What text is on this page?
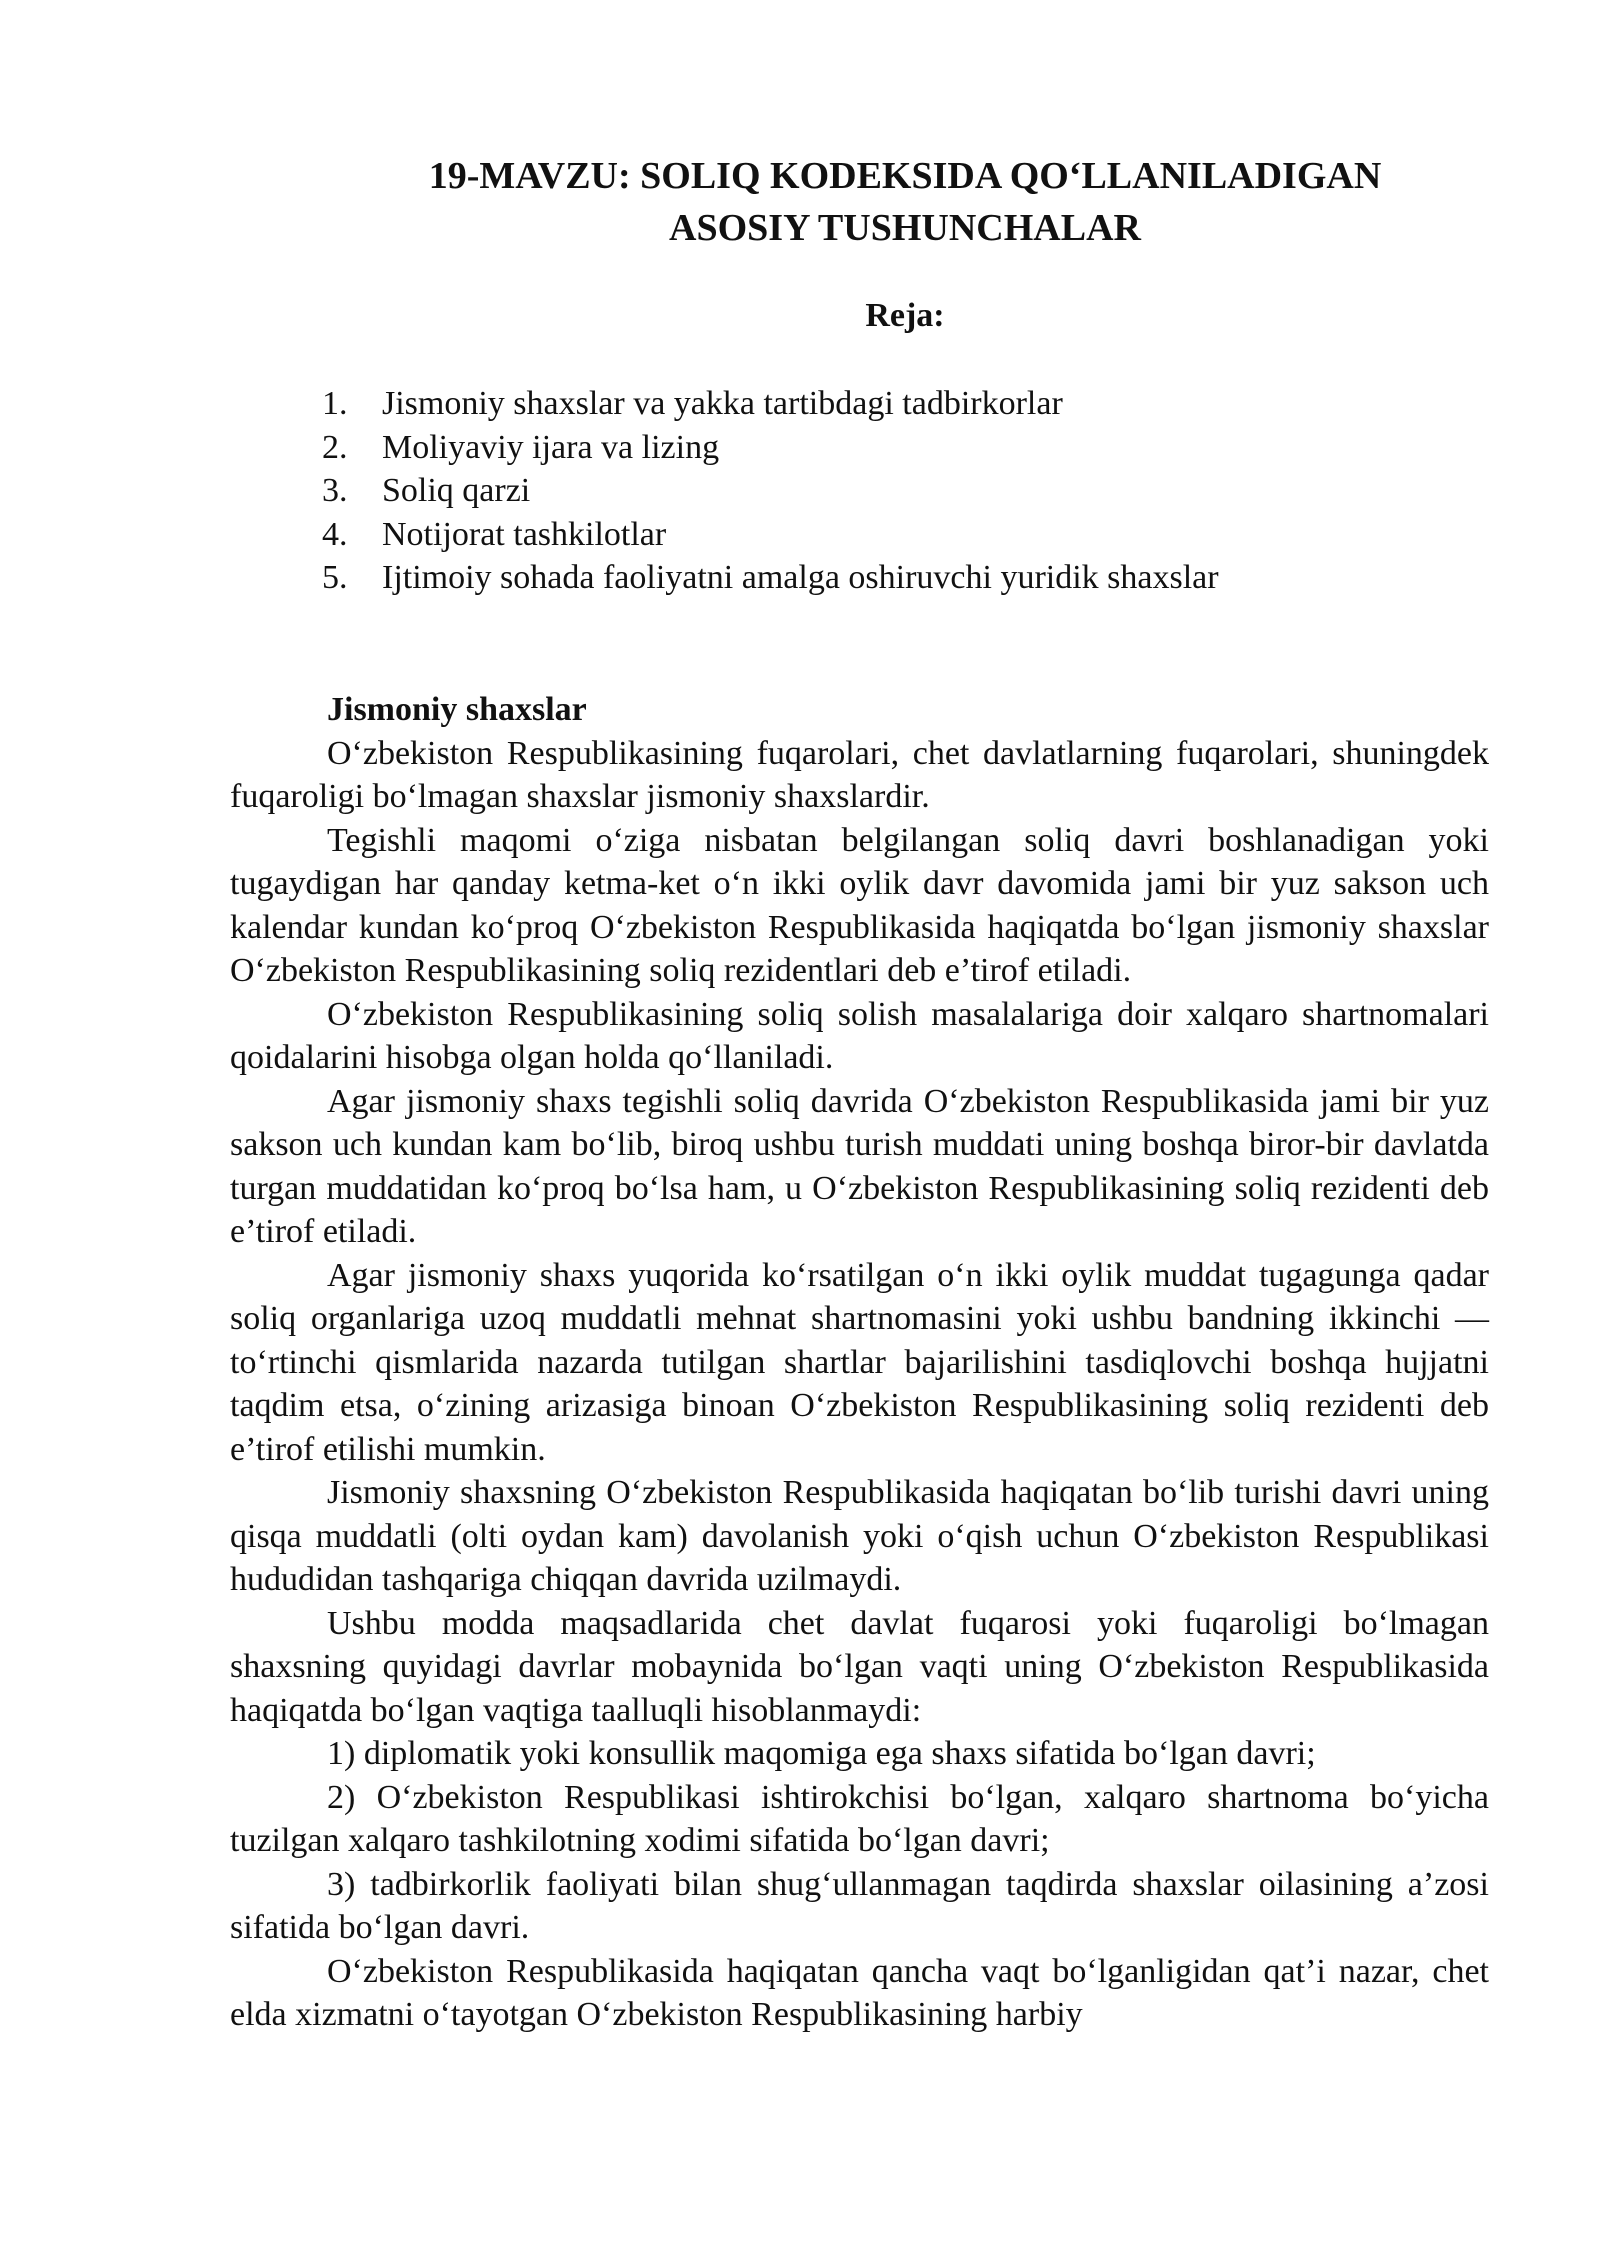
19-MAVZU: SOLIQ KODEKSIDA QO‘LLANILADIGAN
ASOSIY TUSHUNCHALAR

Reja:

1.	Jismoniy shaxslar va yakka tartibdagi tadbirkorlar
2.	Moliyaviy ijara va lizing
3.	Soliq qarzi
4.	Notijorat tashkilotlar
5.	Ijtimoiy sohada faoliyatni amalga oshiruvchi yuridik shaxslar

Jismoniy shaxslar

O‘zbekiston Respublikasining fuqarolari, chet davlatlarning fuqarolari, shuningdek fuqaroligi bo‘lmagan shaxslar jismoniy shaxslardir.

Tegishli maqomi o‘ziga nisbatan belgilangan soliq davri boshlanadigan yoki tugaydigan har qanday ketma-ket o‘n ikki oylik davr davomida jami bir yuz sakson uch kalendar kundan ko‘proq O‘zbekiston Respublikasida haqiqatda bo‘lgan jismoniy shaxslar O‘zbekiston Respublikasining soliq rezidentlari deb e’tirof etiladi.

O‘zbekiston Respublikasining soliq solish masalalariga doir xalqaro shartnomalari qoidalarini hisobga olgan holda qo‘llaniladi.

Agar jismoniy shaxs tegishli soliq davrida O‘zbekiston Respublikasida jami bir yuz sakson uch kundan kam bo‘lib, biroq ushbu turish muddati uning boshqa biror-bir davlatda turgan muddatidan ko‘proq bo‘lsa ham, u O‘zbekiston Respublikasining soliq rezidenti deb e’tirof etiladi.

Agar jismoniy shaxs yuqorida ko‘rsatilgan o‘n ikki oylik muddat tugagunga qadar soliq organlariga uzoq muddatli mehnat shartnomasini yoki ushbu bandning ikkinchi — to‘rtinchi qismlarida nazarda tutilgan shartlar bajarilishini tasdiqlovchi boshqa hujjatni taqdim etsa, o‘zining arizasiga binoan O‘zbekiston Respublikasining soliq rezidenti deb e’tirof etilishi mumkin.

Jismoniy shaxsning O‘zbekiston Respublikasida haqiqatan bo‘lib turishi davri uning qisqa muddatli (olti oydan kam) davolanish yoki o‘qish uchun O‘zbekiston Respublikasi hududidan tashqariga chiqqan davrida uzilmaydi.

Ushbu modda maqsadlarida chet davlat fuqarosi yoki fuqaroligi bo‘lmagan shaxsning quyidagi davrlar mobaynida bo‘lgan vaqti uning O‘zbekiston Respublikasida haqiqatda bo‘lgan vaqtiga taalluqli hisoblanmaydi:

1) diplomatik yoki konsullik maqomiga ega shaxs sifatida bo‘lgan davri;

2) O‘zbekiston Respublikasi ishtirokchisi bo‘lgan, xalqaro shartnoma bo‘yicha tuzilgan xalqaro tashkilotning xodimi sifatida bo‘lgan davri;

3) tadbirkorlik faoliyati bilan shug‘ullanmagan taqdirda shaxslar oilasining a’zosi sifatida bo‘lgan davri.

O‘zbekiston Respublikasida haqiqatan qancha vaqt bo‘lganligidan qat’i nazar, chet elda xizmatni o‘tayotgan O‘zbekiston Respublikasining harbiy
